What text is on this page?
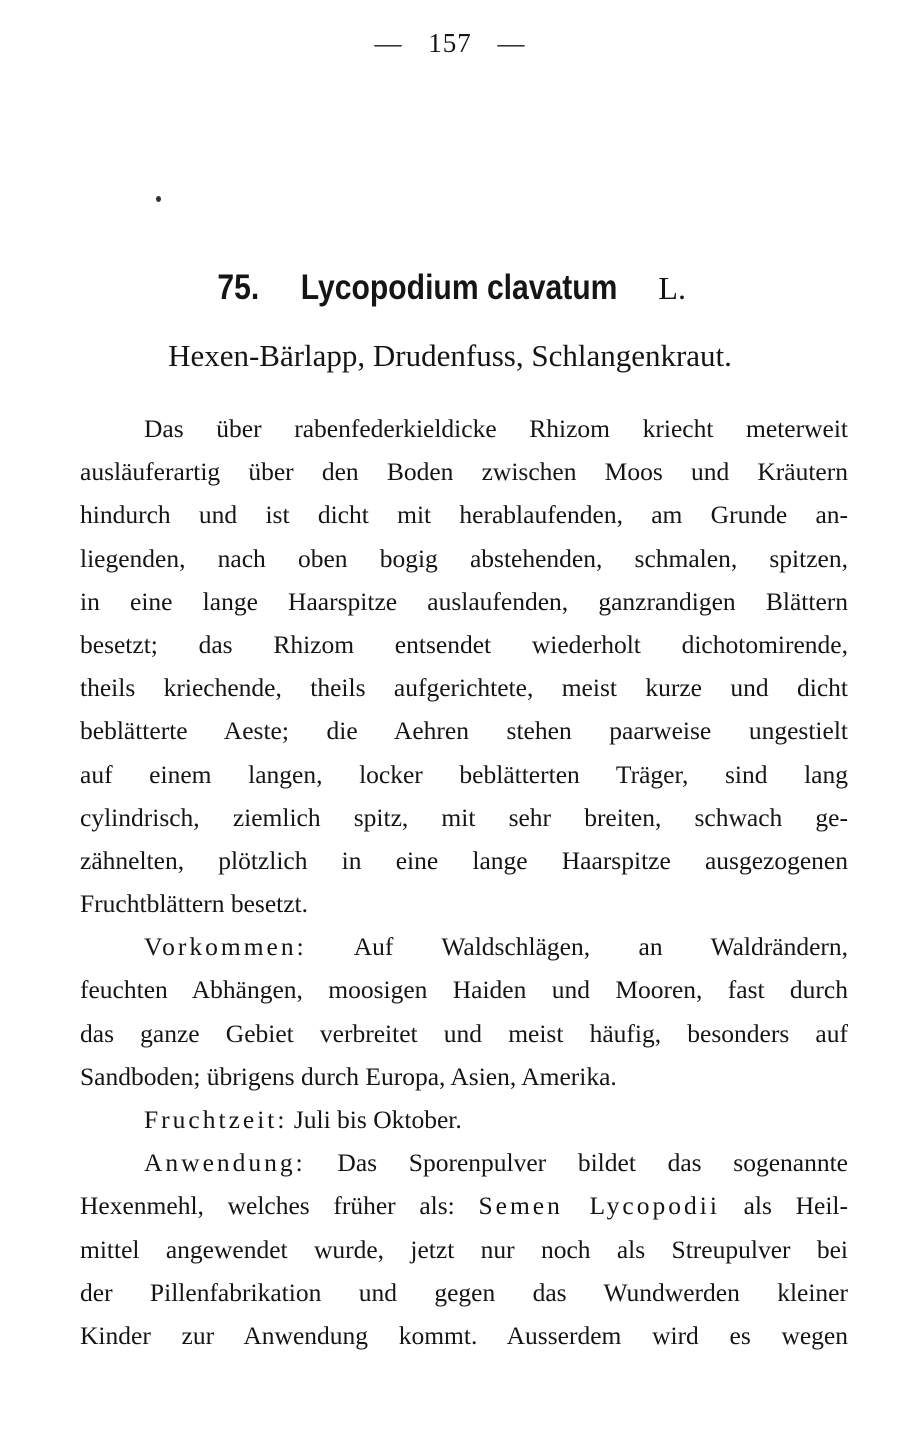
— 157 —
75. Lycopodium clavatum L.
Hexen-Bärlapp, Drudenfuss, Schlangenkraut.
Das über rabenfederkieldicke Rhizom kriecht meterweit
ausläuferartig über den Boden zwischen Moos und Kräutern
hindurch und ist dicht mit herablaufenden, am Grunde an-
liegenden, nach oben bogig abstehenden, schmalen, spitzen,
in eine lange Haarspitze auslaufenden, ganzrandigen Blättern
besetzt; das Rhizom entsendet wiederholt dichotomirende,
theils kriechende, theils aufgerichtete, meist kurze und dicht
beblätterte Aeste; die Aehren stehen paarweise ungestielt
auf einem langen, locker beblätterten Träger, sind lang
cylindrisch, ziemlich spitz, mit sehr breiten, schwach ge-
zähnelten, plötzlich in eine lange Haarspitze ausgezogenen
Fruchtblättern besetzt.
Vorkommen: Auf Waldschlägen, an Waldrändern,
feuchten Abhängen, moosigen Haiden und Mooren, fast durch
das ganze Gebiet verbreitet und meist häufig, besonders auf
Sandboden; übrigens durch Europa, Asien, Amerika.
Fruchtzeit: Juli bis Oktober.
Anwendung: Das Sporenpulver bildet das sogenannte
Hexenmehl, welches früher als: Semen Lycopodii als Heil-
mittel angewendet wurde, jetzt nur noch als Streupulver bei
der Pillenfabrikation und gegen das Wundwerden kleiner
Kinder zur Anwendung kommt. Ausserdem wird es wegen
